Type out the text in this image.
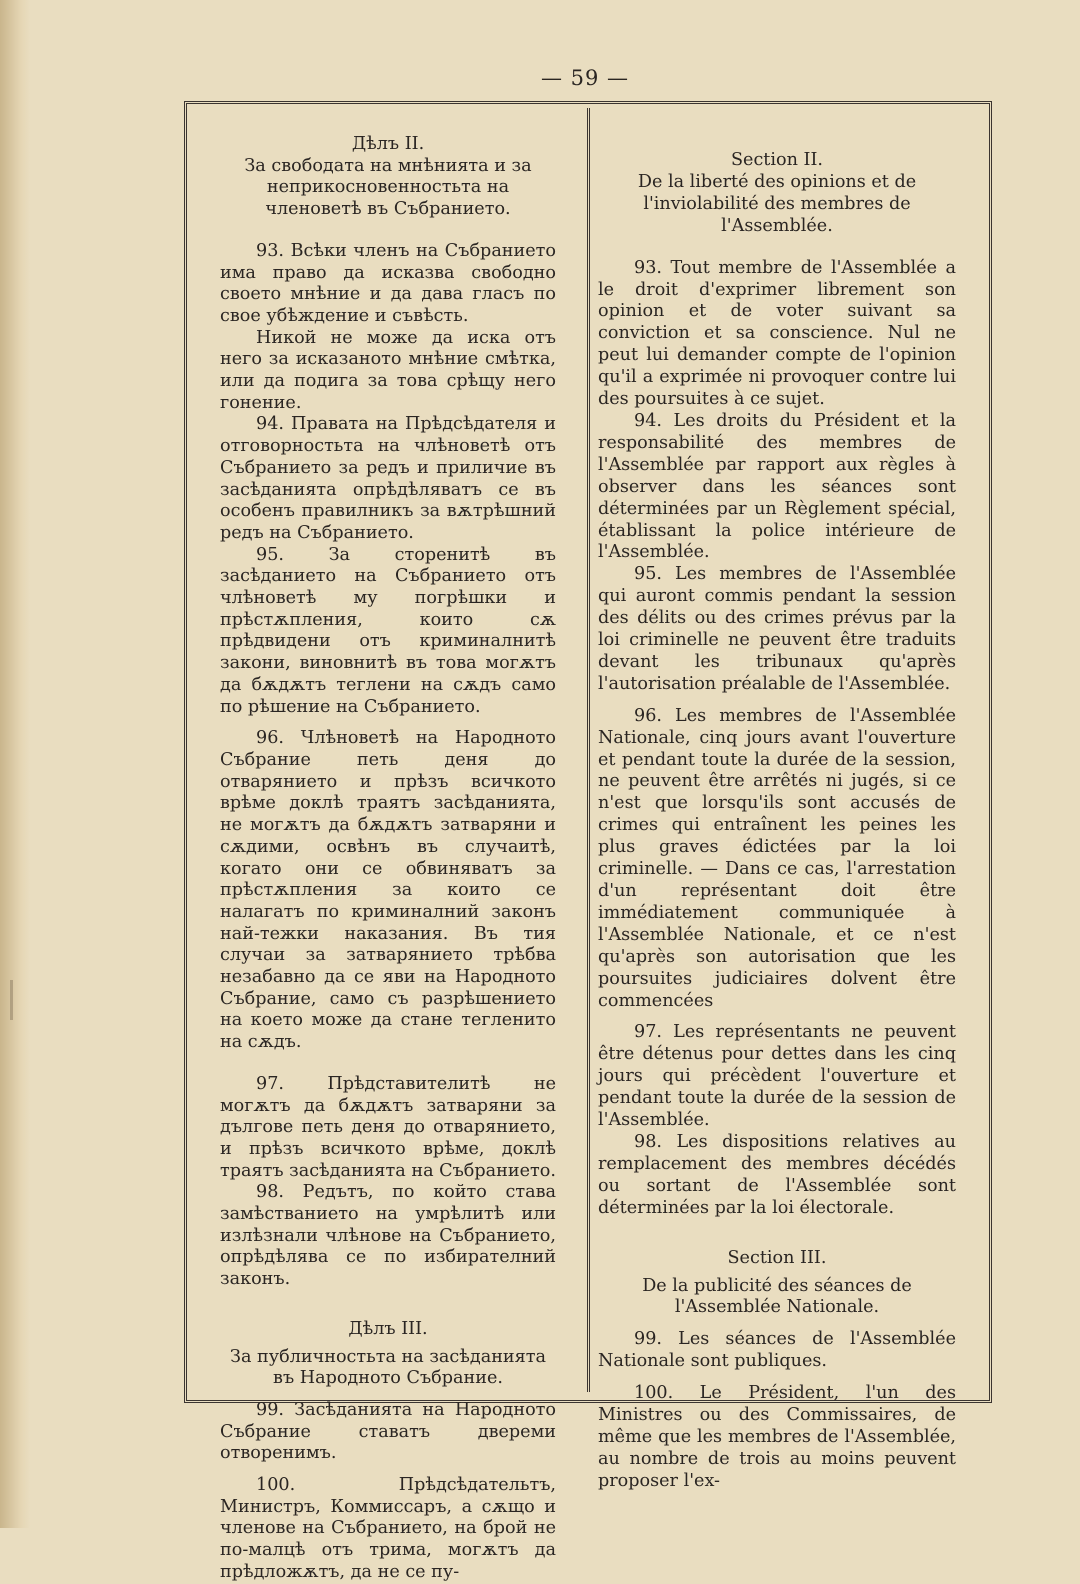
— 59 —

Дѣлъ II.

За свободата на мнѣнията и за неприкосновенностьта на членоветѣ въ Събранието.

93. Всѣки членъ на Събранието има право да исказва свободно своето мнѣние и да дава гласъ по свое убѣждение и съвѣсть.

Никой не може да иска отъ него за исказаното мнѣние смѣтка, или да подига за това срѣщу него гонение.

94. Правата на Прѣдсѣдателя и отговорностьта на члѣноветѣ отъ Събранието за редъ и приличие въ засѣданията опрѣдѣляватъ се въ особенъ правилникъ за вѫтрѣшний редъ на Събранието.

95. За сторенитѣ въ засѣданието на Събранието отъ члѣноветѣ му погрѣшки и прѣстѫпления, които сѫ прѣдвидени отъ криминалнитѣ закони, виновнитѣ въ това могѫтъ да бѫдѫтъ теглени на сѫдъ само по рѣшение на Събранието.

96. Члѣноветѣ на Народното Събрание петь деня до отварянието и прѣзъ всичкото врѣме доклѣ траятъ засѣданията, не могѫтъ да бѫдѫтъ затваряни и сѫдими, освѣнъ въ случаитѣ, когато они се обвиняватъ за прѣстѫпления за които се налагатъ по криминалний законъ най-тежки наказания. Въ тия случаи за затварянието трѣбва незабавно да се яви на Народното Събрание, само съ разрѣшението на което може да стане тегленито на сѫдъ.

97. Прѣдставителитѣ не могѫтъ да бѫдѫтъ затваряни за дългове петь деня до отварянието, и прѣзъ всичкото врѣме, доклѣ траятъ засѣданията на Събранието.

98. Редътъ, по който става замѣстванието на умрѣлитѣ или излѣзнали члѣнове на Събранието, опрѣдѣлява се по избирателний законъ.

Дѣлъ III.

За публичностьта на засѣданията въ Народното Събрание.

99. Засѣданията на Народното Събрание ставатъ двереми отворенимъ.

100. Прѣдсѣдательтъ, Министръ, Коммиссаръ, а сѫщо и членове на Събранието, на брой не по-малцѣ отъ трима, могѫтъ да прѣдложѫтъ, да не се пу-

Section II.

De la liberté des opinions et de l'inviolabilité des membres de l'Assemblée.

93. Tout membre de l'Assemblée a le droit d'exprimer librement son opinion et de voter suivant sa conviction et sa conscience. Nul ne peut lui demander compte de l'opinion qu'il a exprimée ni provoquer contre lui des poursuites à ce sujet.

94. Les droits du Président et la responsabilité des membres de l'Assemblée par rapport aux règles à observer dans les séances sont déterminées par un Règlement spécial, établissant la police intérieure de l'Assemblée.

95. Les membres de l'Assemblée qui auront commis pendant la session des délits ou des crimes prévus par la loi criminelle ne peuvent être traduits devant les tribunaux qu'après l'autorisation préalable de l'Assemblée.

96. Les membres de l'Assemblée Nationale, cinq jours avant l'ouverture et pendant toute la durée de la session, ne peuvent être arrêtés ni jugés, si ce n'est que lorsqu'ils sont accusés de crimes qui entraînent les peines les plus graves édictées par la loi criminelle. — Dans ce cas, l'arrestation d'un représentant doit être immédiatement communiquée à l'Assemblée Nationale, et ce n'est qu'après son autorisation que les poursuites judiciaires dolvent être commencées

97. Les représentants ne peuvent être détenus pour dettes dans les cinq jours qui précèdent l'ouverture et pendant toute la durée de la session de l'Assemblée.

98. Les dispositions relatives au remplacement des membres décédés ou sortant de l'Assemblée sont déterminées par la loi électorale.

Section III.

De la publicité des séances de l'Assemblée Nationale.

99. Les séances de l'Assemblée Nationale sont publiques.

100. Le Président, l'un des Ministres ou des Commissaires, de même que les membres de l'Assemblée, au nombre de trois au moins peuvent proposer l'ex-
